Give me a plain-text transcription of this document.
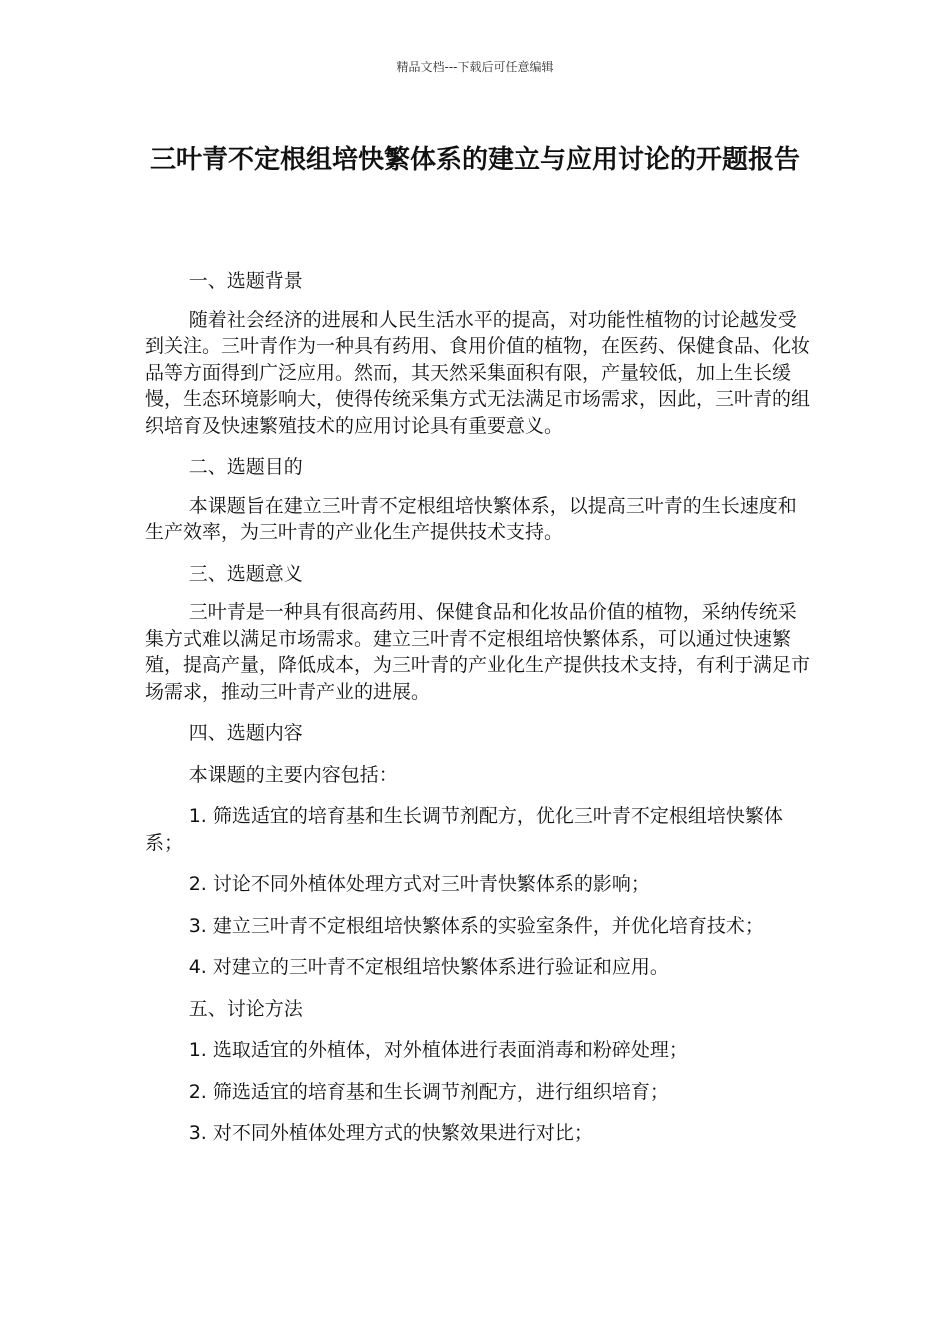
精品文档---下载后可任意编辑
三叶青不定根组培快繁体系的建立与应用讨论的开题报告

一、选题背景

随着社会经济的进展和人民生活水平的提高，对功能性植物的讨论越发受到关注。三叶青作为一种具有药用、食用价值的植物，在医药、保健食品、化妆品等方面得到广泛应用。然而，其天然采集面积有限，产量较低，加上生长缓慢，生态环境影响大，使得传统采集方式无法满足市场需求，因此，三叶青的组织培育及快速繁殖技术的应用讨论具有重要意义。

二、选题目的

本课题旨在建立三叶青不定根组培快繁体系，以提高三叶青的生长速度和生产效率，为三叶青的产业化生产提供技术支持。

三、选题意义

三叶青是一种具有很高药用、保健食品和化妆品价值的植物，采纳传统采集方式难以满足市场需求。建立三叶青不定根组培快繁体系，可以通过快速繁殖，提高产量，降低成本，为三叶青的产业化生产提供技术支持，有利于满足市场需求，推动三叶青产业的进展。

四、选题内容

本课题的主要内容包括：

1. 筛选适宜的培育基和生长调节剂配方，优化三叶青不定根组培快繁体系；

2. 讨论不同外植体处理方式对三叶青快繁体系的影响；

3. 建立三叶青不定根组培快繁体系的实验室条件，并优化培育技术；

4. 对建立的三叶青不定根组培快繁体系进行验证和应用。

五、讨论方法

1. 选取适宜的外植体，对外植体进行表面消毒和粉碎处理；

2. 筛选适宜的培育基和生长调节剂配方，进行组织培育；

3. 对不同外植体处理方式的快繁效果进行对比；
